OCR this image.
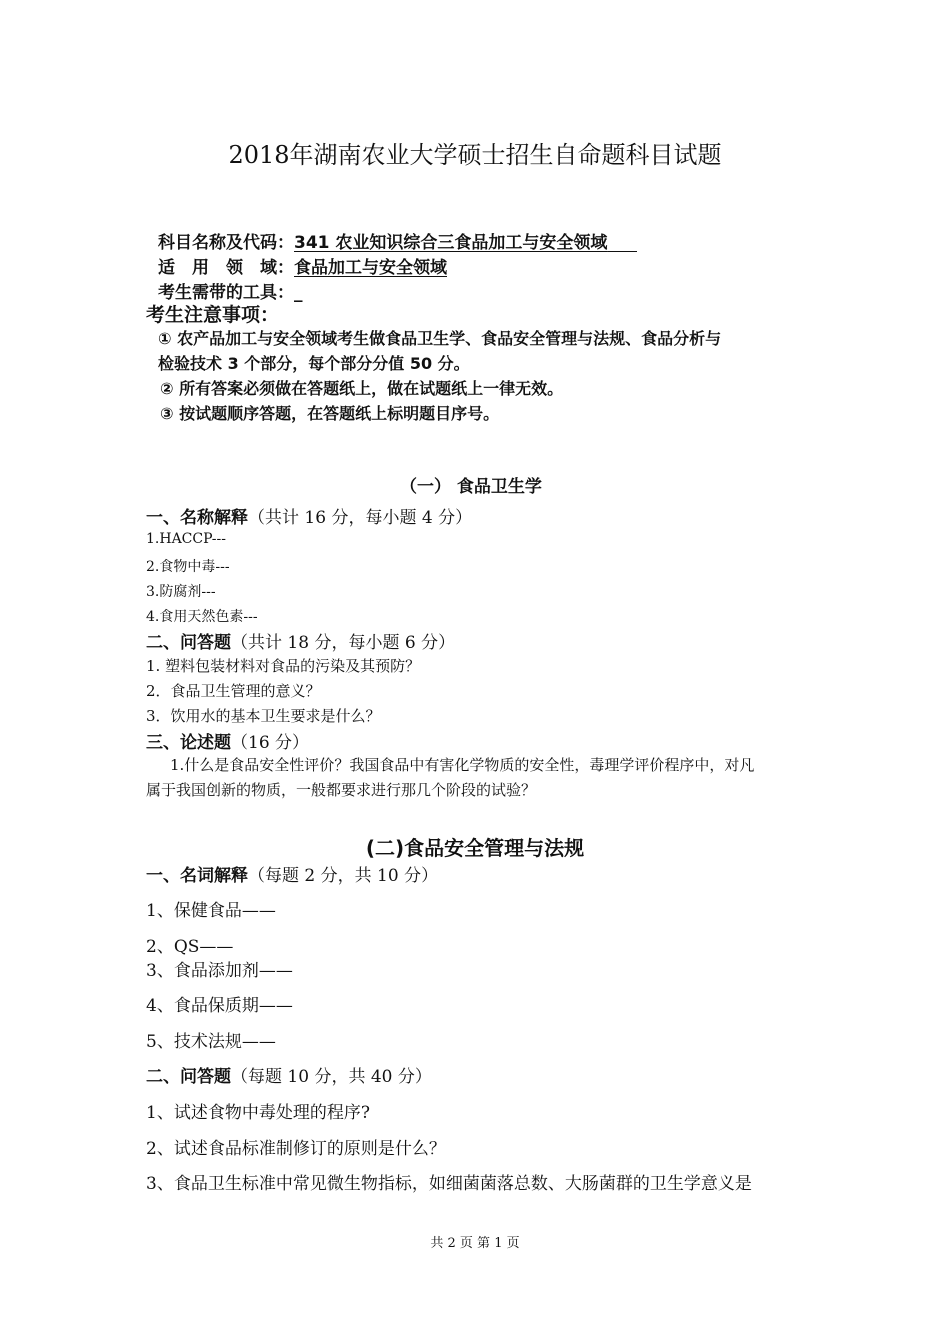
2018年湖南农业大学硕士招生自命题科目试题
科目名称及代码：341 农业知识综合三食品加工与安全领域
适　用　领　域：食品加工与安全领域
考生需带的工具：_
考生注意事项：
① 农产品加工与安全领域考生做食品卫生学、食品安全管理与法规、食品分析与
检验技术 3 个部分，每个部分分值 50 分。
② 所有答案必须做在答题纸上，做在试题纸上一律无效。
③ 按试题顺序答题，在答题纸上标明题目序号。
（一） 食品卫生学
一、名称解释（共计 16 分，每小题 4 分）
1.HACCP---
2.食物中毒---
3.防腐剂---
4.食用天然色素---
二、问答题（共计 18 分，每小题 6 分）
1. 塑料包装材料对食品的污染及其预防？
2．食品卫生管理的意义？
3．饮用水的基本卫生要求是什么？
三、论述题（16 分）
1.什么是食品安全性评价？我国食品中有害化学物质的安全性，毒理学评价程序中，对凡
属于我国创新的物质，一般都要求进行那几个阶段的试验？
(二)食品安全管理与法规
一、名词解释（每题 2 分，共 10 分）
1、保健食品——
2、QS——
3、食品添加剂——
4、食品保质期——
5、技术法规——
二、问答题（每题 10 分，共 40 分）
1、试述食物中毒处理的程序?
2、试述食品标准制修订的原则是什么？
3、食品卫生标准中常见微生物指标，如细菌菌落总数、大肠菌群的卫生学意义是
共 2 页 第 1 页
